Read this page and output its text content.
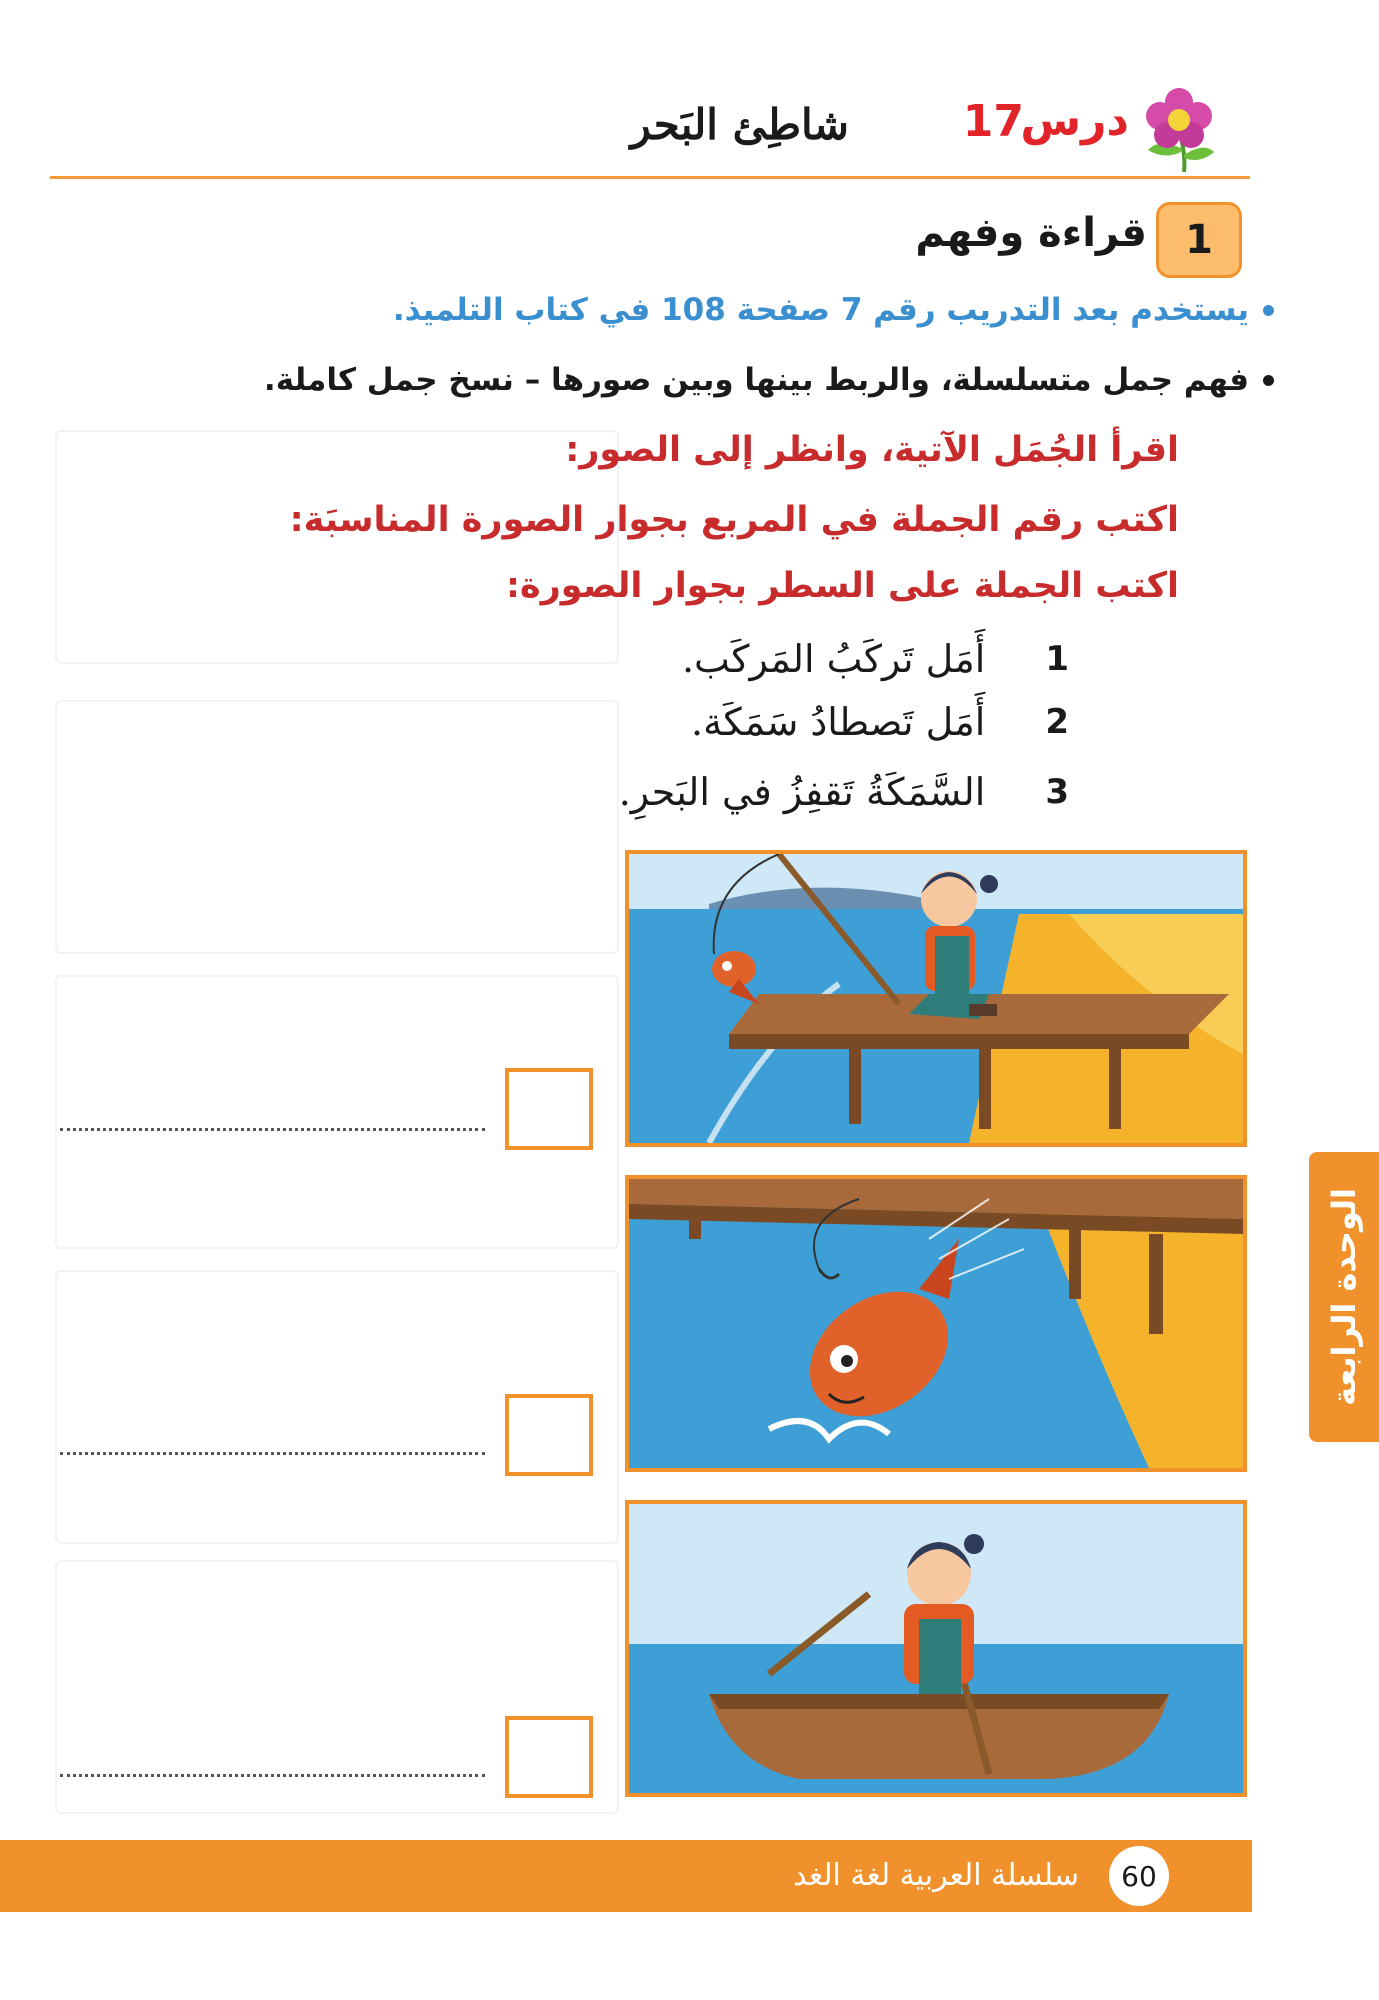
درس
17
شاطِئ البَحر
1
قراءة وفهم
يستخدم بعد التدريب رقم 7 صفحة 108 في كتاب التلميذ.
فهم جمل متسلسلة، والربط بينها وبين صورها – نسخ جمل كاملة.
اقرأ الجُمَل الآتية، وانظر إلى الصور:
اكتب رقم الجملة في المربع بجوار الصورة المناسبَة:
اكتب الجملة على السطر بجوار الصورة:
1
أَمَل تَركَبُ المَركَب.
2
أَمَل تَصطادُ سَمَكَة.
3
السَّمَكَةُ تَقفِزُ في البَحرِ.
الوحدة الرابعة
سلسلة العربية لغة الغد	60
